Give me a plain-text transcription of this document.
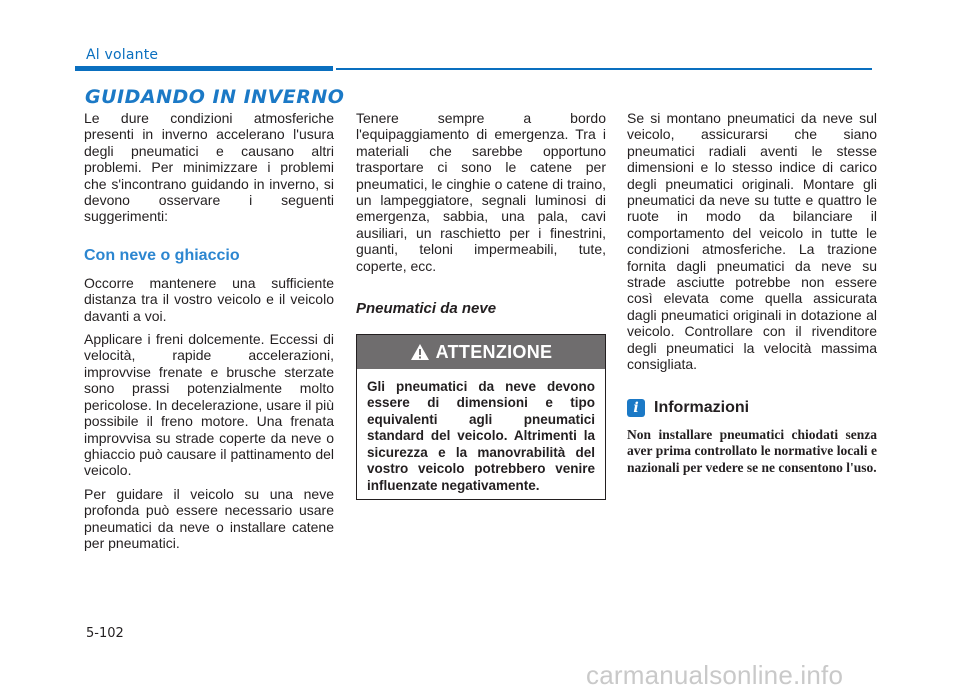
Al volante
GUIDANDO IN INVERNO

Le dure condizioni atmosferiche presenti in inverno accelerano l'usura degli pneumatici e causano altri problemi. Per minimizzare i problemi che s'incontrano guidando in inverno, si devono osservare i seguenti suggerimenti:

Con neve o ghiaccio

Occorre mantenere una sufficiente distanza tra il vostro veicolo e il veicolo davanti a voi.

Applicare i freni dolcemente. Eccessi di velocità, rapide accelerazioni, improvvise frenate e brusche sterzate sono prassi potenzialmente molto pericolose. In decelerazione, usare il più possibile il freno motore. Una frenata improvvisa su strade coperte da neve o ghiaccio può causare il pattinamento del veicolo.

Per guidare il veicolo su una neve profonda può essere necessario usare pneumatici da neve o installare catene per pneumatici.

Tenere sempre a bordo l'equipaggiamento di emergenza. Tra i materiali che sarebbe opportuno trasportare ci sono le catene per pneumatici, le cinghie o catene di traino, un lampeggiatore, segnali luminosi di emergenza, sabbia, una pala, cavi ausiliari, un raschietto per i finestrini, guanti, teloni impermeabili, tute, coperte, ecc.

Pneumatici da neve
ATTENZIONE
Gli pneumatici da neve devono essere di dimensioni e tipo equivalenti agli pneumatici standard del veicolo. Altrimenti la sicurezza e la manovrabilità del vostro veicolo potrebbero venire influenzate negativamente.

Se si montano pneumatici da neve sul veicolo, assicurarsi che siano pneumatici radiali aventi le stesse dimensioni e lo stesso indice di carico degli pneumatici originali. Montare gli pneumatici da neve su tutte e quattro le ruote in modo da bilanciare il comportamento del veicolo in tutte le condizioni atmosferiche. La trazione fornita dagli pneumatici da neve su strade asciutte potrebbe non essere così elevata come quella assicurata dagli pneumatici originali in dotazione al veicolo. Controllare con il rivenditore degli pneumatici la velocità massima consigliata.

i Informazioni

Non installare pneumatici chiodati senza aver prima controllato le normative locali e nazionali per vedere se ne consentono l'uso.

5-102
carmanualsonline.info
